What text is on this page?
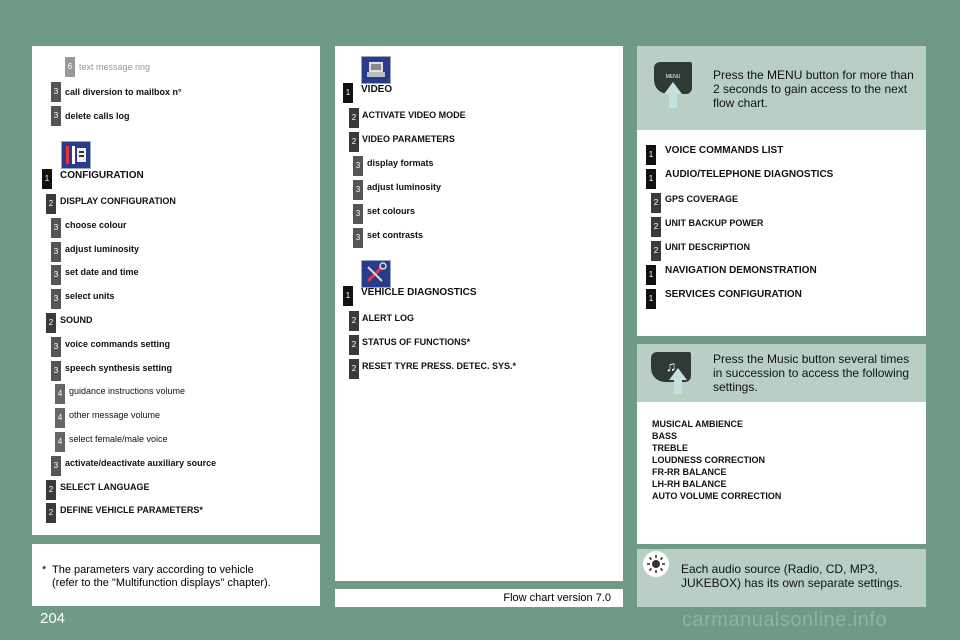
6 text message ring
3 call diversion to mailbox n°
3 delete calls log
1 CONFIGURATION
2 DISPLAY CONFIGURATION
3 choose colour
3 adjust luminosity
3 set date and time
3 select units
2 SOUND
3 voice commands setting
3 speech synthesis setting
4 guidance instructions volume
4 other message volume
4 select female/male voice
3 activate/deactivate auxiliary source
2 SELECT LANGUAGE
2 DEFINE VEHICLE PARAMETERS*
* The parameters vary according to vehicle
(refer to the "Multifunction displays" chapter).
1 VIDEO
2 ACTIVATE VIDEO MODE
2 VIDEO PARAMETERS
3 display formats
3 adjust luminosity
3 set colours
3 set contrasts
1 VEHICLE DIAGNOSTICS
2 ALERT LOG
2 STATUS OF FUNCTIONS*
2 RESET TYRE PRESS. DETEC. SYS.*
Flow chart version 7.0
MENU	Press the MENU button for more than 2 seconds to gain access to the next flow chart.
1 VOICE COMMANDS LIST
1 AUDIO/TELEPHONE DIAGNOSTICS
2 GPS COVERAGE
2 UNIT BACKUP POWER
2 UNIT DESCRIPTION
1 NAVIGATION DEMONSTRATION
1 SERVICES CONFIGURATION
♫	Press the Music button several times in succession to access the following settings.
MUSICAL AMBIENCE
BASS
TREBLE
LOUDNESS CORRECTION
FR-RR BALANCE
LH-RH BALANCE
AUTO VOLUME CORRECTION
Each audio source (Radio, CD, MP3, JUKEBOX) has its own separate settings.
204	carmanualsonline.info
